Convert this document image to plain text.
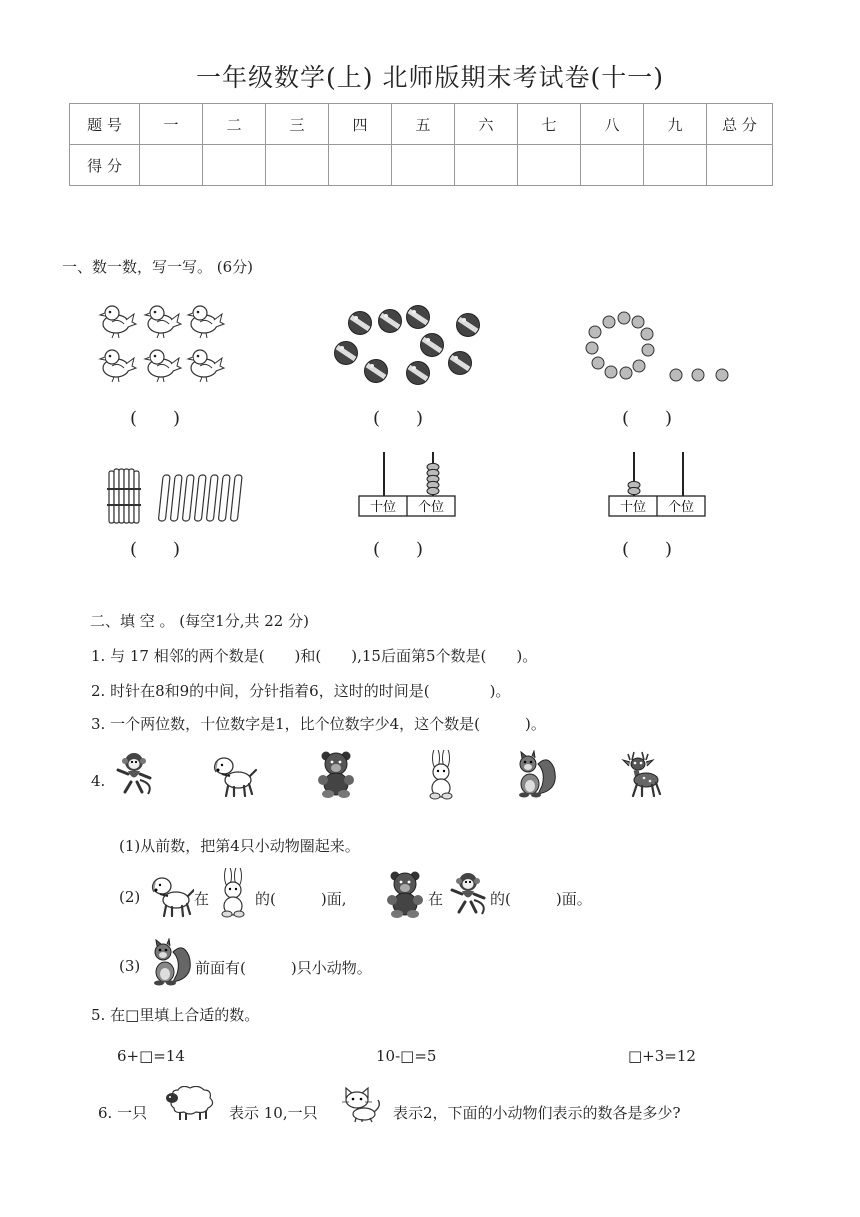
一年级数学(上) 北师版期末考试卷(十一)
题 号	一	二	三	四	五	六	七	八	九	总 分
得 分										
一、数一数，写一写。 (6分)
(　　)	(　　)	(　　)
十位 个位	十位 个位
(　　)	(　　)	(　　)
二、填 空 。 (每空1分,共 22 分)
1. 与 17 相邻的两个数是(　　)和(　　),15后面第5个数是(　　)。
2. 时针在8和9的中间，分针指着6，这时的时间是(　　　　)。
3. 一个两位数，十位数字是1，比个位数字少4，这个数是(　　　)。
4.
(1)从前数，把第4只小动物圈起来。
(2)	在	的(　　　)面,	在	的(　　　)面。
(3)	前面有(　　　)只小动物。
5. 在□里填上合适的数。
6+□=14	10-□=5	□+3=12
6. 一只	表示 10,一只	表示2，下面的小动物们表示的数各是多少?
